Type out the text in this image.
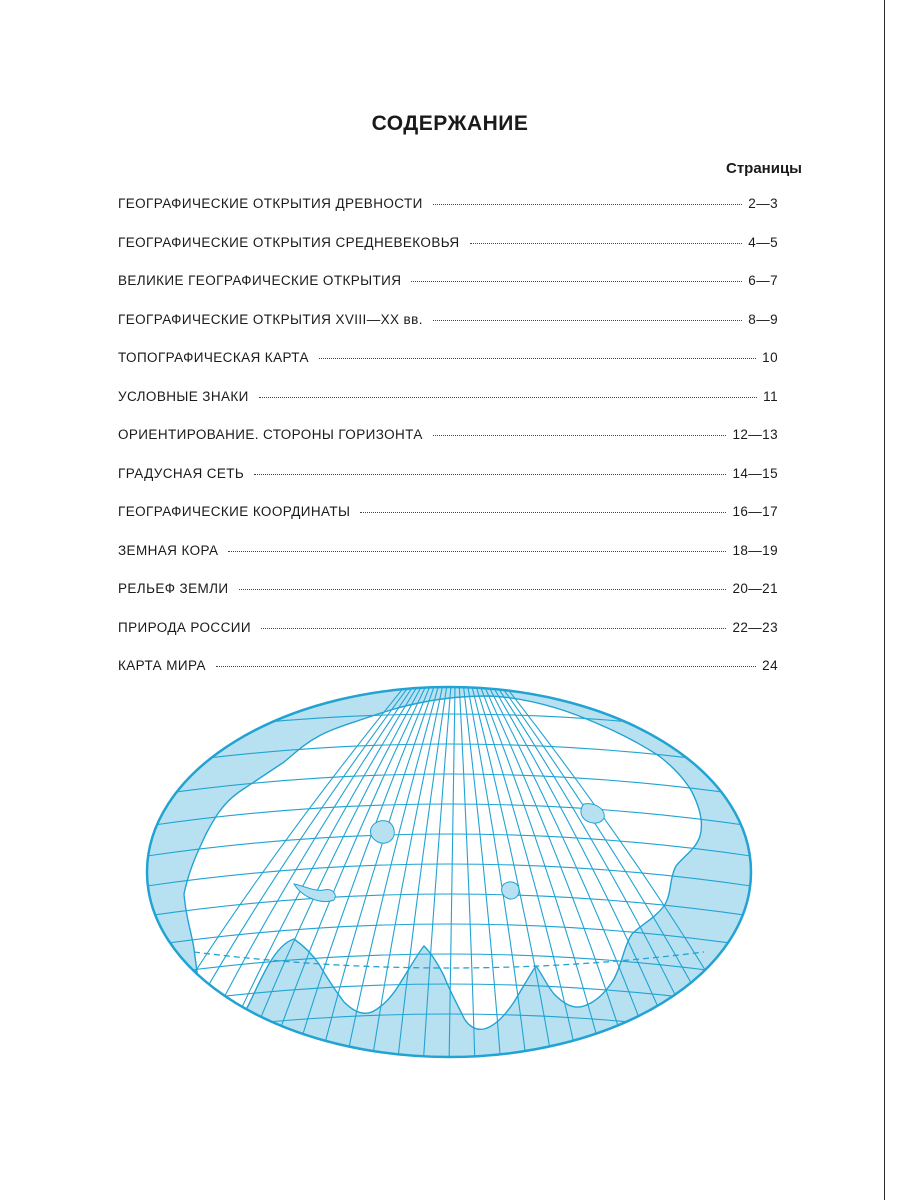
СОДЕРЖАНИЕ
Страницы
ГЕОГРАФИЧЕСКИЕ ОТКРЫТИЯ ДРЕВНОСТИ	2—3
ГЕОГРАФИЧЕСКИЕ ОТКРЫТИЯ СРЕДНЕВЕКОВЬЯ	4—5
ВЕЛИКИЕ ГЕОГРАФИЧЕСКИЕ ОТКРЫТИЯ	6—7
ГЕОГРАФИЧЕСКИЕ ОТКРЫТИЯ XVIII—XX вв.	8—9
ТОПОГРАФИЧЕСКАЯ КАРТА	10
УСЛОВНЫЕ ЗНАКИ	11
ОРИЕНТИРОВАНИЕ. СТОРОНЫ ГОРИЗОНТА	12—13
ГРАДУСНАЯ СЕТЬ	14—15
ГЕОГРАФИЧЕСКИЕ КООРДИНАТЫ	16—17
ЗЕМНАЯ КОРА	18—19
РЕЛЬЕФ ЗЕМЛИ	20—21
ПРИРОДА РОССИИ	22—23
КАРТА МИРА	24
